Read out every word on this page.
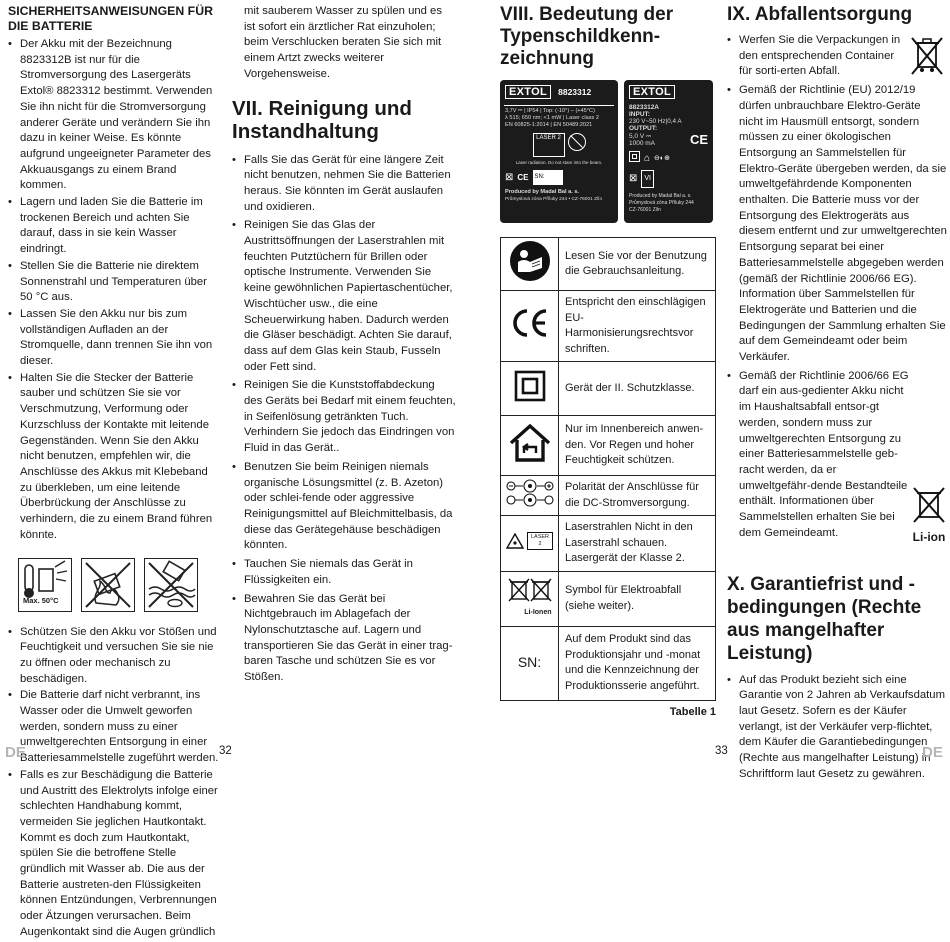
SICHERHEITSANWEISUNGEN FÜR DIE BATTERIE
• Der Akku mit der Bezeichnung 8823312B ist nur für die Stromversorgung des Lasergeräts Extol® 8823312 bestimmt. Verwenden Sie ihn nicht für die Stromversorgung anderer Geräte und verändern Sie ihn dazu in keiner Weise. Es könnte aufgrund ungeeigneter Parameter des Akkuausgangs zu einem Brand kommen.
• Lagern und laden Sie die Batterie im trockenen Bereich und achten Sie darauf, dass in sie kein Wasser eindringt.
• Stellen Sie die Batterie nie direktem Sonnenstrahl und Temperaturen über 50 °C aus.
• Lassen Sie den Akku nur bis zum vollständigen Aufladen an der Stromquelle, dann trennen Sie ihn von dieser.
• Halten Sie die Stecker der Batterie sauber und schützen Sie sie vor Verschmutzung, Verformung oder Kurzschluss der Kontakte mit leitende Gegenständen. Wenn Sie den Akku nicht benutzen, empfehlen wir, die Anschlüsse des Akkus mit Klebeband zu überkleben, um eine leitende Überbrückung der Anschlüsse zu verhindern, die zu einem Brand führen könnte.
Max. 50°C
• Schützen Sie den Akku vor Stößen und Feuchtigkeit und versuchen Sie sie nie zu öffnen oder mechanisch zu beschädigen.
• Die Batterie darf nicht verbrannt, ins Wasser oder die Umwelt geworfen werden, sondern muss zu einer umweltgerechten Entsorgung in einer Batteriesammelstelle zugeführt werden.
• Falls es zur Beschädigung die Batterie und Austritt des Elektrolyts infolge einer schlechten Handhabung kommt, vermeiden Sie jeglichen Hautkontakt. Kommt es doch zum Hautkontakt, spülen Sie die betroffene Stelle gründlich mit Wasser ab. Die aus der Batterie austreten-den Flüssigkeiten können Entzündungen, Verbrennungen oder Ätzungen verursachen. Beim Augenkontakt sind die Augen gründlich
mit sauberem Wasser zu spülen und es ist sofort ein ärztlicher Rat einzuholen; beim Verschlucken beraten Sie sich mit einem Artzt zwecks weiterer Vorgehensweise.
VII. Reinigung und Instandhaltung
• Falls Sie das Gerät für eine längere Zeit nicht benutzen, nehmen Sie die Batterien heraus. Sie könnten im Gerät auslaufen und oxidieren.
• Reinigen Sie das Glas der Austrittsöffnungen der Laserstrahlen mit feuchten Putztüchern für Brillen oder optische Instrumente. Verwenden Sie keine gewöhnlichen Papiertaschentücher, Wischtücher usw., die eine Scheuerwirkung haben. Dadurch werden die Gläser beschädigt. Achten Sie darauf, dass auf dem Glas kein Staub, Fusseln oder Fett sind.
• Reinigen Sie die Kunststoffabdeckung des Geräts bei Bedarf mit einem feuchten, in Seifenlösung getränkten Tuch. Verhindern Sie jedoch das Eindringen von Fluid in das Gerät..
• Benutzen Sie beim Reinigen niemals organische Lösungsmittel (z. B. Azeton) oder schlei-fende oder aggressive Reinigungsmittel auf Bleichmittelbasis, da diese das Gerätegehäuse beschädigen könnten.
• Tauchen Sie niemals das Gerät in Flüssigkeiten ein.
• Bewahren Sie das Gerät bei Nichtgebrauch im Ablagefach der Nylonschutztasche auf. Lagern und transportieren Sie das Gerät in einer trag-baren Tasche und schützen Sie es vor Stößen.
VIII. Bedeutung der Typenschildkenn-zeichnung
EXTOL 8823312
3,7V ⎓ | IP54 | Top: (-10°) – (+45°C)
λ 515; 650 nm; <1 mW | Laser class 2
EN 60825-1:2014 | EN 50489:2021
LASER 2
Laser radiation. Do not stare into the beam.
⊠ CE	SN:
Produced by Madal Bal a. s.
Průmyslová zóna Příluky 244 • CZ-76001 Zlín
EXTOL
8823312A
INPUT:
230 V~50 Hz|0,4 A
OUTPUT:
5,0 V ⎓
1000 mA	CE
⌂ ⊖◐⊕
⊠	VI
Produced by Madal Bal a. s.
Průmyslová zóna Příluky 244
CZ-76001 Zlín
	Lesen Sie vor der Benutzung die Gebrauchsanleitung.
	Entspricht den einschlägigen EU-Harmonisierungsrechtsvor schriften.
	Gerät der II. Schutzklasse.
	Nur im Innenbereich anwen-den. Vor Regen und hoher Feuchtigkeit schützen.
	Polarität der Anschlüsse für die DC-Stromversorgung.

LASER 2	Laserstrahlen Nicht in den Laserstrahl schauen. Lasergerät der Klasse 2.

Li-Ionen	Symbol für Elektroabfall (siehe weiter).
SN:	Auf dem Produkt sind das Produktionsjahr und -monat und die Kennzeichnung der Produktionsserie angeführt.
Tabelle 1
IX. Abfallentsorgung
• Werfen Sie die Verpackungen in den entsprechenden Container für sorti-erten Abfall.
• Gemäß der Richtlinie (EU) 2012/19 dürfen unbrauchbare Elektro-Geräte nicht im Hausmüll entsorgt, sondern müssen zu einer ökologischen Entsorgung an Sammelstellen für Elektro-Geräte übergeben werden, da sie umweltgefährdende Komponenten enthalten. Die Batterie muss vor der Entsorgung des Elektrogeräts aus diesem entfernt und zur umweltgerechten Entsorgung separat bei einer Batteriesammelstelle abgegeben werden (gemäß der Richtlinie 2006/66 EG). Information über Sammelstellen für Elektrogeräte und Batterien und die Bedingungen der Sammlung erhalten Sie auf dem Gemeindeamt oder beim Verkäufer.
• Gemäß der Richtlinie 2006/66 EG darf ein aus-gedienter Akku nicht im Haushaltsabfall entsor-gt werden, sondern muss zur umweltgerechten Entsorgung zu einer Batteriesammelstelle geb-racht werden, da er umweltgefähr-dende Bestandteile enthält. Informationen über Sammelstellen erhalten Sie bei dem Gemeindeamt.	Li-ion
X. Garantiefrist und -bedingungen (Rechte aus mangelhafter Leistung)
• Auf das Produkt bezieht sich eine Garantie von 2 Jahren ab Verkaufsdatum laut Gesetz. Sofern es der Käufer verlangt, ist der Verkäufer verp-flichtet, dem Käufer die Garantiebedingungen (Rechte aus mangelhafter Leistung) in Schriftform laut Gesetz zu gewähren.
DE	32	33	DE
